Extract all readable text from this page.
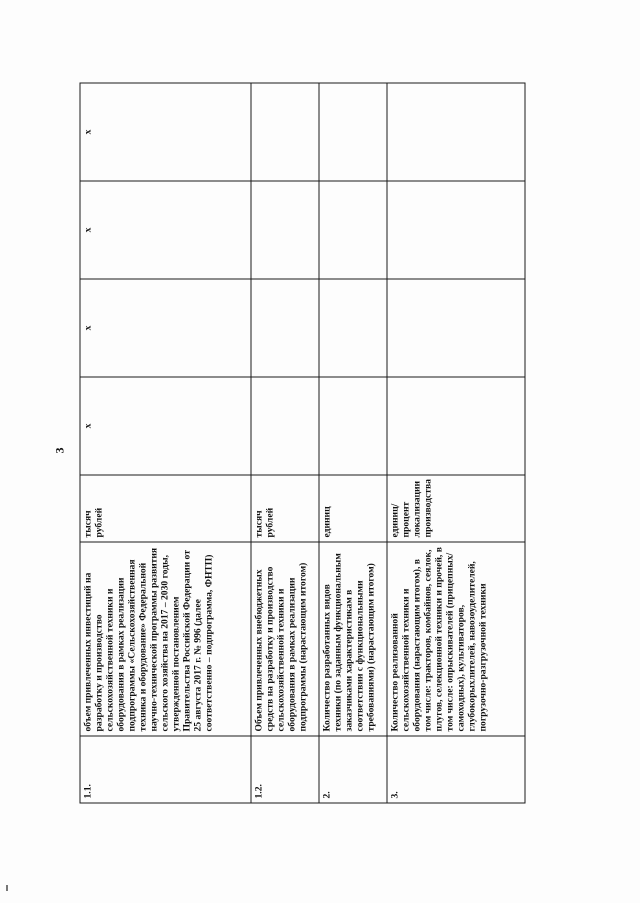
3
1.1.	объем привлеченных инвестиций на разработку и производство сельскохозяйственной техники и оборудования в рамках реализации подпрограммы «Сельскохозяйственная техника и оборудование» Федеральной научно-технической программы развития сельского хозяйства на 2017 – 2030 годы, утвержденной постановлением Правительства Российской Федерации от 25 августа 2017 г. № 996 (далее соответственно – подпрограмма, ФНТП)	тысяч рублей	х	х	х	х
1.2.	Объем привлеченных внебюджетных средств на разработку и производство сельскохозяйственной техники и оборудования в рамках реализации подпрограммы (нарастающим итогом)	тысяч рублей				
2.	Количество разработанных видов техники (по заданным функциональным заказчиками характеристикам в соответствии с функциональными требованиями) (нарастающим итогом)	единиц				
3.	Количество реализованной сельскохозяйственной техники и оборудования (нарастающим итогом), в том числе: тракторов, комбайнов, сеялок, плугов, селекционной техники и прочей, в том числе: опрыскивателей (прицепных/самоходных), культиваторов, глубокорыхлителей, навозоуделителей, погрузочно-разгрузочной техники	единиц/ процент локализации производства				
